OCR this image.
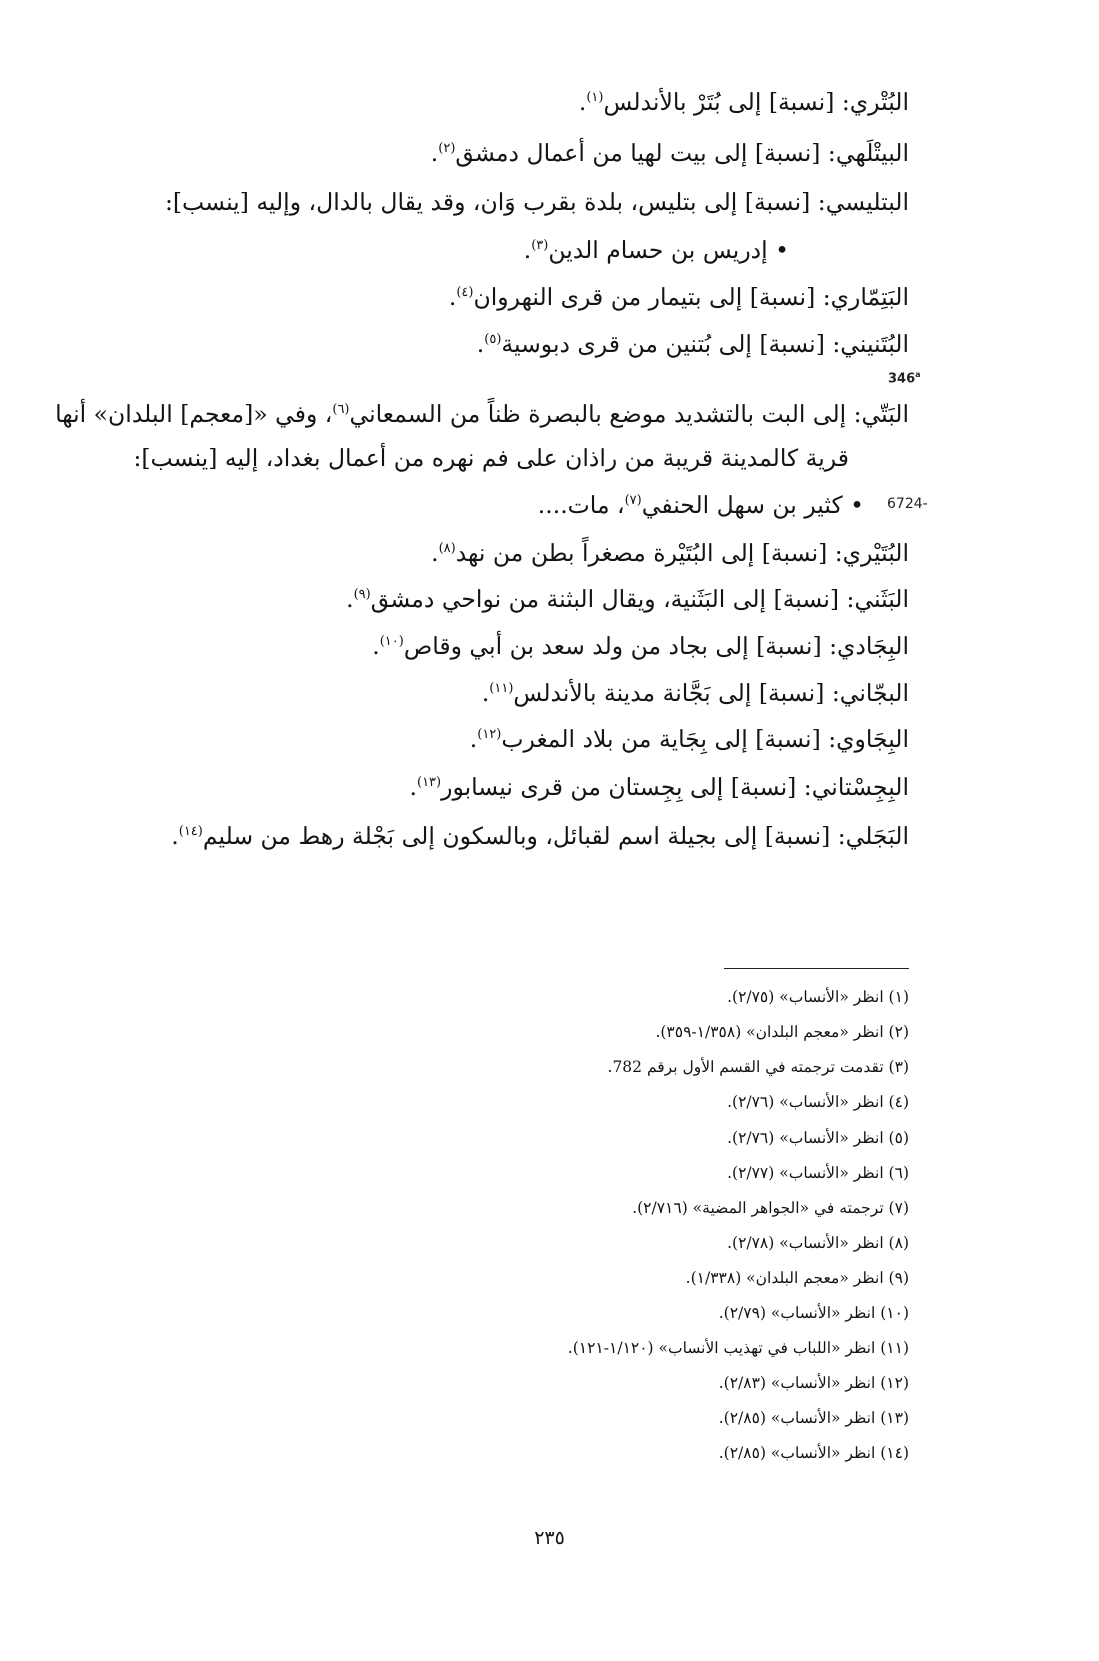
البُتْري: [نسبة] إلى بُتَرْ بالأندلس$^{(١)}$.
البيتْلَهي: [نسبة] إلى بيت لهيا من أعمال دمشق$^{(٢)}$.
البتليسي: [نسبة] إلى بتليس، بلدة بقرب وَان، وقد يقال بالدال، وإليه [ينسب]:
• إدريس بن حسام الدين$^{(٣)}$.
البَتِمّاري: [نسبة] إلى بتيمار من قرى النهروان$^{(٤)}$.
البُتَنيني: [نسبة] إلى بُتنين من قرى دبوسية$^{(٥)}$.
346$^a$
البَتّي: إلى البت بالتشديد موضع بالبصرة ظناً من السمعاني$^{(٦)}$، وفي «[معجم] البلدان» أنها
قرية كالمدينة قريبة من راذان على فم نهره من أعمال بغداد، إليه [ينسب]:
6724-
• كثير بن سهل الحنفي$^{(٧)}$، مات....
البُتَيْري: [نسبة] إلى البُتَيْرة مصغراً بطن من نهد$^{(٨)}$.
البَثَني: [نسبة] إلى البَثَنية، ويقال البثنة من نواحي دمشق$^{(٩)}$.
البِجَادي: [نسبة] إلى بجاد من ولد سعد بن أبي وقاص$^{(١٠)}$.
البجّاني: [نسبة] إلى بَجَّانة مدينة بالأندلس$^{(١١)}$.
البِجَاوي: [نسبة] إلى بِجَاية من بلاد المغرب$^{(١٢)}$.
البِجِسْتاني: [نسبة] إلى بِجِستان من قرى نيسابور$^{(١٣)}$.
البَجَلي: [نسبة] إلى بجيلة اسم لقبائل، وبالسكون إلى بَجْلة رهط من سليم$^{(١٤)}$.
(١) انظر «الأنساب» (٢/٧٥).
(٢) انظر «معجم البلدان» (١/٣٥٨-٣٥٩).
(٣) تقدمت ترجمته في القسم الأول برقم 782.
(٤) انظر «الأنساب» (٢/٧٦).
(٥) انظر «الأنساب» (٢/٧٦).
(٦) انظر «الأنساب» (٢/٧٧).
(٧) ترجمته في «الجواهر المضية» (٢/٧١٦).
(٨) انظر «الأنساب» (٢/٧٨).
(٩) انظر «معجم البلدان» (١/٣٣٨).
(١٠) انظر «الأنساب» (٢/٧٩).
(١١) انظر «اللباب في تهذيب الأنساب» (١/١٢٠-١٢١).
(١٢) انظر «الأنساب» (٢/٨٣).
(١٣) انظر «الأنساب» (٢/٨٥).
(١٤) انظر «الأنساب» (٢/٨٥).
٢٣٥
